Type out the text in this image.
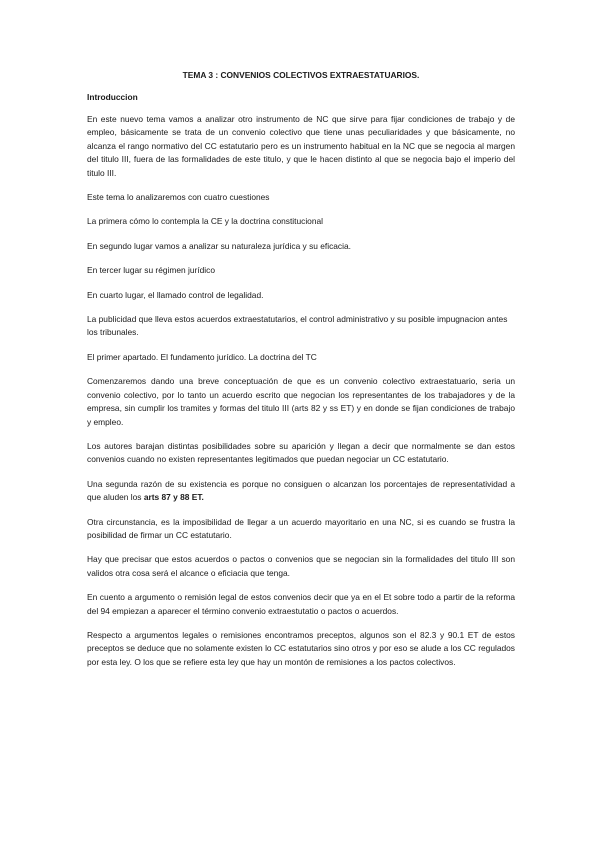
TEMA 3 : CONVENIOS COLECTIVOS EXTRAESTATUARIOS.
Introduccion

En este nuevo tema vamos a analizar otro instrumento de NC que sirve para fijar condiciones de trabajo y de empleo, básicamente se trata de un convenio colectivo que tiene unas peculiaridades y que básicamente, no alcanza el rango normativo del CC estatutario pero es un instrumento habitual en la NC que se negocia al margen del titulo III, fuera de las formalidades de este titulo, y que le hacen distinto al que se negocia bajo el imperio del titulo III.

Este tema lo analizaremos con cuatro cuestiones

La primera cómo lo contempla la CE y la doctrina constitucional

En segundo lugar vamos a analizar su naturaleza jurídica y su eficacia.

En tercer lugar su régimen jurídico

En cuarto lugar, el llamado control de legalidad.

La publicidad que lleva estos acuerdos extraestatutarios, el control administrativo y su posible impugnacion antes los tribunales.

El primer apartado. El fundamento jurídico. La doctrina del TC

Comenzaremos dando una breve conceptuación de que es un convenio colectivo extraestatuario, seria un convenio colectivo, por lo tanto un acuerdo escrito que negocian los representantes de los trabajadores y de la empresa, sin cumplir los tramites y formas del titulo III (arts 82 y ss ET) y en donde se fijan condiciones de trabajo y empleo.

Los autores barajan distintas posibilidades sobre su aparición y llegan a decir que normalmente se dan estos convenios cuando no existen representantes legitimados que puedan negociar un CC estatutario.

Una segunda razón de su existencia es porque no consiguen o alcanzan los porcentajes de representatividad a que aluden los arts 87 y 88 ET.

Otra circunstancia, es la imposibilidad de llegar a un acuerdo mayoritario en una NC, si es cuando se frustra la posibilidad de firmar un CC estatutario.

Hay que precisar que estos acuerdos o pactos o convenios que se negocian sin la formalidades del titulo III son validos otra cosa será el alcance o eficiacia que tenga.

En cuento a argumento o remisión legal de estos convenios decir que ya en el Et sobre todo a partir de la reforma del 94 empiezan a aparecer el término convenio extraestutatio o pactos o acuerdos.

Respecto a argumentos legales o remisiones encontramos preceptos, algunos son el 82.3 y 90.1 ET de estos preceptos se deduce que no solamente existen lo CC estatutarios sino otros y por eso se alude a los CC regulados por esta ley. O los que se refiere esta ley que hay un montón de remisiones a los pactos colectivos.
